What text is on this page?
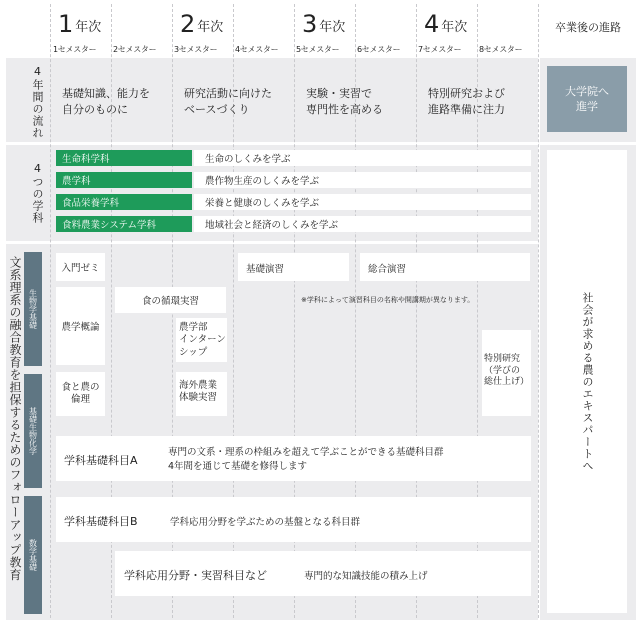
1 年次	2 年次	3 年次	4 年次	卒業後の進路
1セメスター 2セメスター 3セメスター 4セメスター 5セメスター 6セメスター 7セメスター 8セメスター
4年間の流れ 基礎知識、能力を
自分のものに
研究活動に向けた
ベースづくり
実験・実習で
専門性を高める
特別研究および
進路準備に注力
大学院へ
進学
4つの学科
生命科学科	生命のしくみを学ぶ
農学科	農作物生産のしくみを学ぶ
食品栄養学科	栄養と健康のしくみを学ぶ
食料農業システム学科	地域社会と経済のしくみを学ぶ
社会が求める農のエキスパートへ
文系理系の融合教育を担保するためのフォローアップ教育 生物学基礎
基礎生物化学
数学基礎
入門ゼミ	基礎演習	総合演習
※学科によって演習科目の名称や開講期が異なります。
食の循環実習
農学概論	農学部
インターン
シップ
特別研究
（学びの
総仕上げ）
食と農の
倫理
海外農業
体験実習
学科基礎科目A
専門の文系・理系の枠組みを超えて学ぶことができる基礎科目群
4年間を通じて基礎を修得します
学科基礎科目B	学科応用分野を学ぶための基盤となる科目群
学科応用分野・実習科目など	専門的な知識技能の積み上げ
